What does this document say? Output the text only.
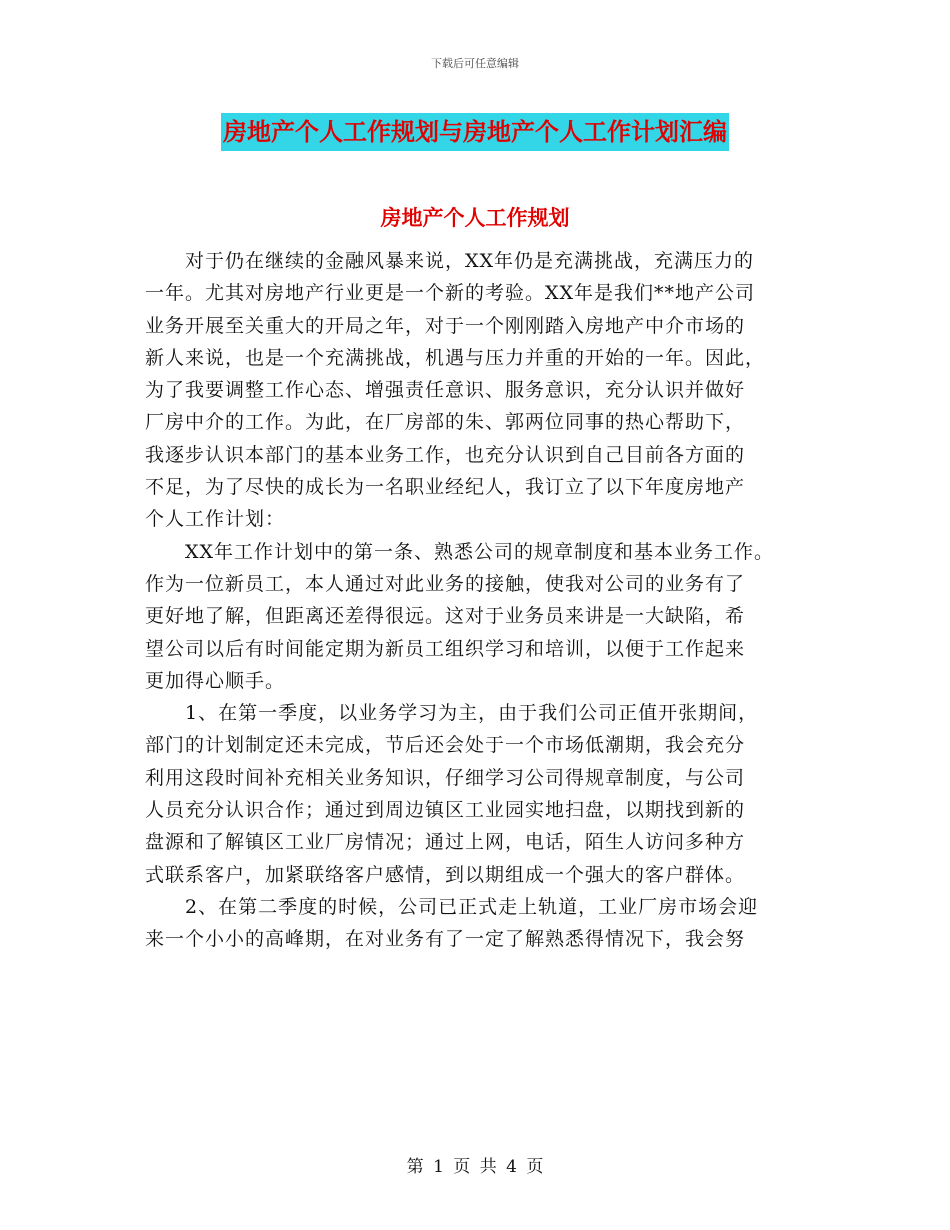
下载后可任意编辑
房地产个人工作规划与房地产个人工作计划汇编
房地产个人工作规划
对于仍在继续的金融风暴来说，XX年仍是充满挑战，充满压力的
一年。尤其对房地产行业更是一个新的考验。XX年是我们**地产公司
业务开展至关重大的开局之年，对于一个刚刚踏入房地产中介市场的
新人来说，也是一个充满挑战，机遇与压力并重的开始的一年。因此，
为了我要调整工作心态、增强责任意识、服务意识，充分认识并做好
厂房中介的工作。为此，在厂房部的朱、郭两位同事的热心帮助下，
我逐步认识本部门的基本业务工作，也充分认识到自己目前各方面的
不足，为了尽快的成长为一名职业经纪人，我订立了以下年度房地产
个人工作计划：
XX年工作计划中的第一条、熟悉公司的规章制度和基本业务工作。
作为一位新员工，本人通过对此业务的接触，使我对公司的业务有了
更好地了解，但距离还差得很远。这对于业务员来讲是一大缺陷，希
望公司以后有时间能定期为新员工组织学习和培训，以便于工作起来
更加得心顺手。
1、在第一季度，以业务学习为主，由于我们公司正值开张期间，
部门的计划制定还未完成，节后还会处于一个市场低潮期，我会充分
利用这段时间补充相关业务知识，仔细学习公司得规章制度，与公司
人员充分认识合作；通过到周边镇区工业园实地扫盘，以期找到新的
盘源和了解镇区工业厂房情况；通过上网，电话，陌生人访问多种方
式联系客户，加紧联络客户感情，到以期组成一个强大的客户群体。
2、在第二季度的时候，公司已正式走上轨道，工业厂房市场会迎
来一个小小的高峰期，在对业务有了一定了解熟悉得情况下，我会努
第 1 页 共 4 页
